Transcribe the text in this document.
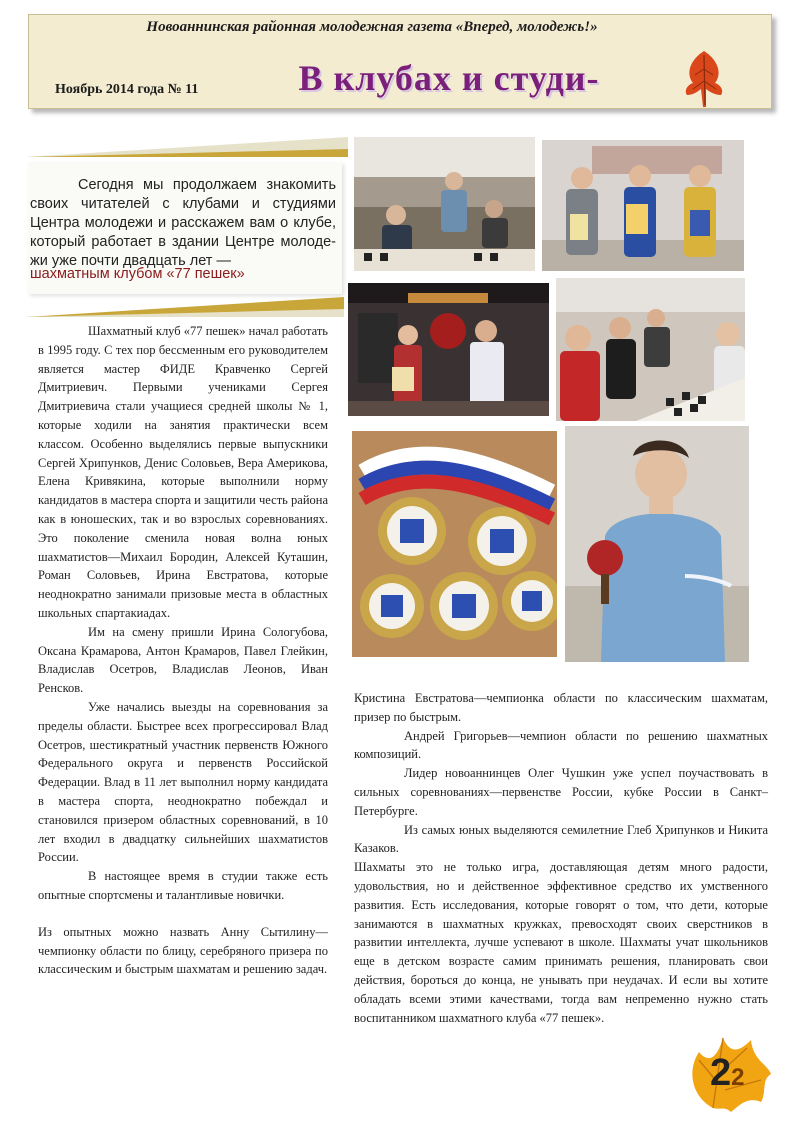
Новоаннинская районная молодежная газета «Вперед, молодежь!»
В клубах и студи-
Ноябрь 2014 года № 11
Сегодня мы продолжаем знакомить своих читателей с клубами и студиями Центра молодежи и расскажем вам о клубе, который работает в здании Центре молоде-жи уже почти двадцать лет —
шахматным клубом «77 пешек»

Шахматный клуб «77 пешек» начал работать в 1995 году. С тех пор бессменным его руководителем является мастер ФИДЕ Кравченко Сергей Дмитриевич. Первыми учениками Сергея Дмитриевича стали учащиеся средней школы № 1, которые ходили на занятия практически всем классом. Особенно выделялись первые выпускники Сергей Хрипунков, Денис Соловьев, Вера Америкова, Елена Кривякина, которые выполнили норму кандидатов в мастера спорта и защитили честь района как в юношеских, так и во взрослых соревнованиях. Это поколение сменила новая волна юных шахматистов—Михаил Бородин, Алексей Куташин, Роман Соловьев, Ирина Евстратова, которые неоднократно занимали призовые места в областных школьных спартакиадах.

Им на смену пришли Ирина Сологубова, Оксана Крамарова, Антон Крамаров, Павел Глейкин, Владислав Осетров, Владислав Леонов, Иван Ренсков.

Уже начались выезды на соревнования за пределы области. Быстрее всех прогрессировал Влад Осетров, шестикратный участник первенств Южного Федерального округа и первенств Российской Федерации. Влад в 11 лет выполнил норму кандидата в мастера спорта, неоднократно побеждал и становился призером областных соревнований, в 10 лет входил в двадцатку сильнейших шахматистов России.

В настоящее время в студии также есть опытные спортсмены и талантливые новички.

Из опытных можно назвать Анну Сытилину—чемпионку области по блицу, серебряного призера по классическим и быстрым шахматам и решению задач.

Кристина Евстратова—чемпионка области по классическим шахматам, призер по быстрым.

Андрей Григорьев—чемпион области по решению шахматных композиций.

Лидер новоаннинцев Олег Чушкин уже успел поучаствовать в сильных соревнованиях—первенстве России, кубке России в Санкт–Петербурге.

Из самых юных выделяются семилетние Глеб Хрипунков и Никита Казаков.

Шахматы это не только игра, доставляющая детям много радости, удовольствия, но и действенное эффективное средство их умственного развития. Есть исследования, которые говорят о том, что дети, которые занимаются в шахматных кружках, превосходят своих сверстников в развитии интеллекта, лучше успевают в школе. Шахматы учат школьников еще в детском возрасте самим принимать решения, планировать свои действия, бороться до конца, не унывать при неудачах. И если вы хотите обладать всеми этими качествами, тогда вам непременно нужно стать воспитанником шахматного клуба «77 пешек».

22
